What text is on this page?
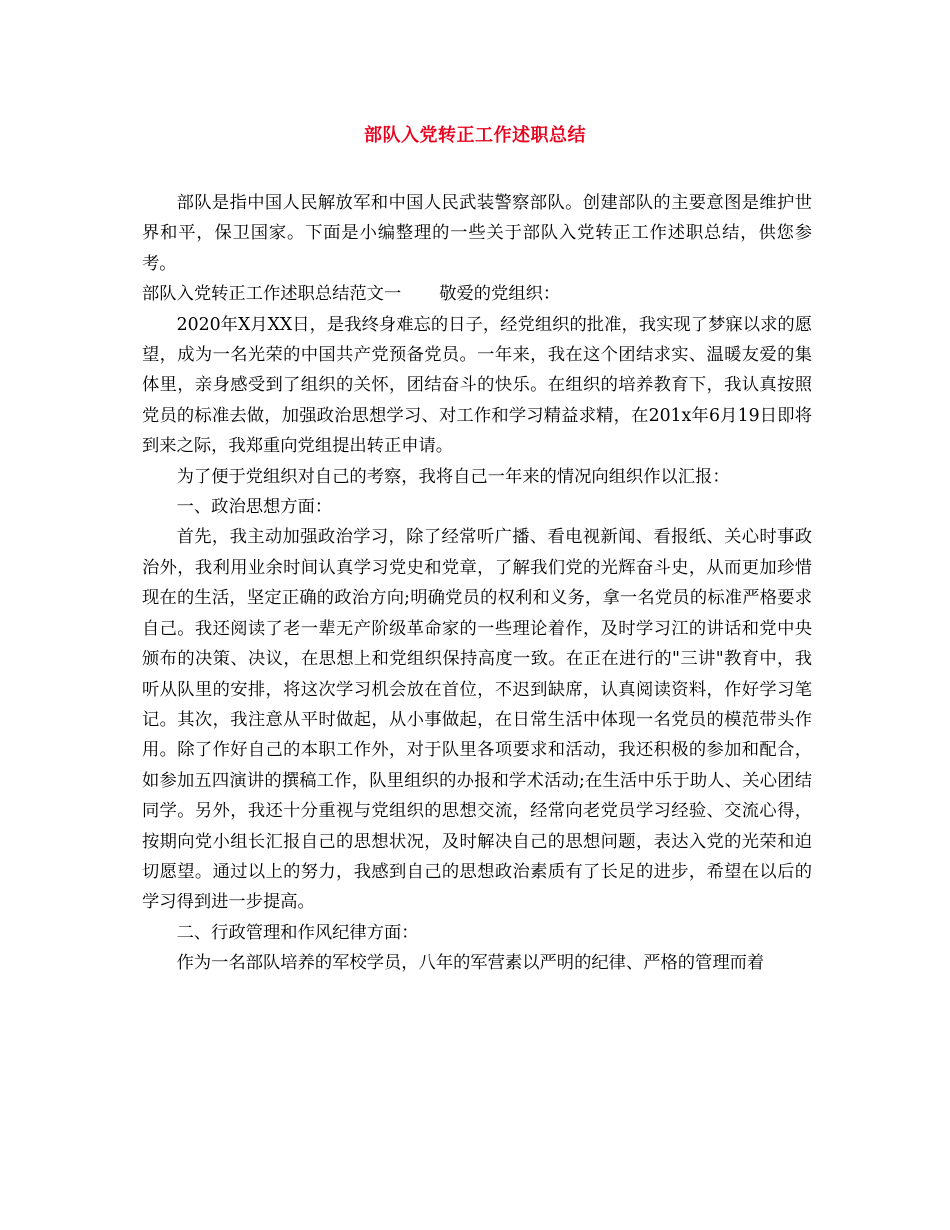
部队入党转正工作述职总结

部队是指中国人民解放军和中国人民武装警察部队。创建部队的主要意图是维护世界和平，保卫国家。下面是小编整理的一些关于部队入党转正工作述职总结，供您参考。

部队入党转正工作述职总结范文一 敬爱的党组织：

2020年X月XX日，是我终身难忘的日子，经党组织的批准，我实现了梦寐以求的愿望，成为一名光荣的中国共产党预备党员。一年来，我在这个团结求实、温暖友爱的集体里，亲身感受到了组织的关怀，团结奋斗的快乐。在组织的培养教育下，我认真按照党员的标准去做，加强政治思想学习、对工作和学习精益求精，在201x年6月19日即将到来之际，我郑重向党组提出转正申请。

为了便于党组织对自己的考察，我将自己一年来的情况向组织作以汇报：

一、政治思想方面：

首先，我主动加强政治学习，除了经常听广播、看电视新闻、看报纸、关心时事政治外，我利用业余时间认真学习党史和党章，了解我们党的光辉奋斗史，从而更加珍惜现在的生活，坚定正确的政治方向;明确党员的权利和义务，拿一名党员的标准严格要求自己。我还阅读了老一辈无产阶级革命家的一些理论着作，及时学习江的讲话和党中央颁布的决策、决议，在思想上和党组织保持高度一致。在正在进行的"三讲"教育中，我听从队里的安排，将这次学习机会放在首位，不迟到缺席，认真阅读资料，作好学习笔记。其次，我注意从平时做起，从小事做起，在日常生活中体现一名党员的模范带头作用。除了作好自己的本职工作外，对于队里各项要求和活动，我还积极的参加和配合，如参加五四演讲的撰稿工作，队里组织的办报和学术活动;在生活中乐于助人、关心团结同学。另外，我还十分重视与党组织的思想交流，经常向老党员学习经验、交流心得，按期向党小组长汇报自己的思想状况，及时解决自己的思想问题，表达入党的光荣和迫切愿望。通过以上的努力，我感到自己的思想政治素质有了长足的进步，希望在以后的学习得到进一步提高。

二、行政管理和作风纪律方面：

作为一名部队培养的军校学员，八年的军营素以严明的纪律、严格的管理而着
